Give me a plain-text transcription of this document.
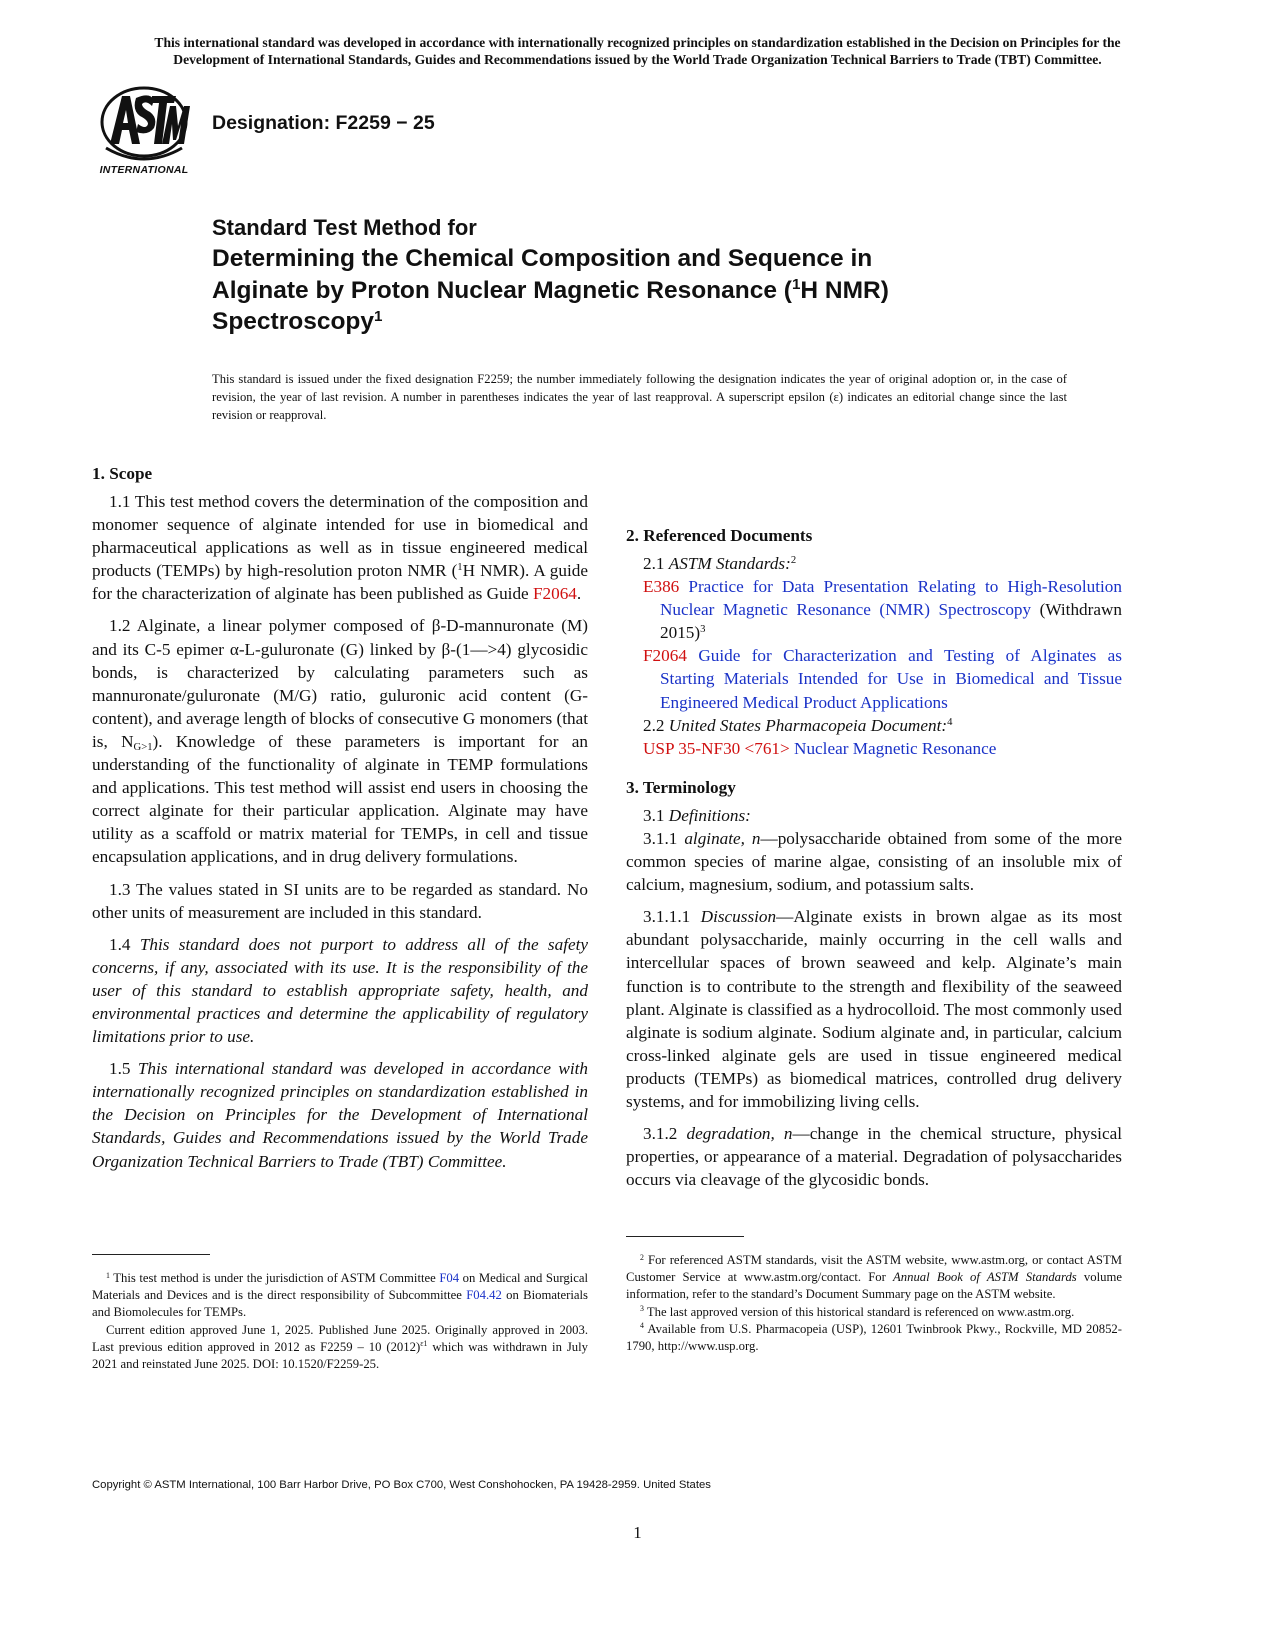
This international standard was developed in accordance with internationally recognized principles on standardization established in the Decision on Principles for the
Development of International Standards, Guides and Recommendations issued by the World Trade Organization Technical Barriers to Trade (TBT) Committee.
INTERNATIONAL
Designation: F2259 − 25
Standard Test Method for
Determining the Chemical Composition and Sequence in
Alginate by Proton Nuclear Magnetic Resonance ($^1$H NMR)
Spectroscopy$^1$
This standard is issued under the fixed designation F2259; the number immediately following the designation indicates the year of original adoption or, in the case of revision, the year of last revision. A number in parentheses indicates the year of last reapproval. A superscript epsilon (ε) indicates an editorial change since the last revision or reapproval.
1. Scope

1.1 This test method covers the determination of the composition and monomer sequence of alginate intended for use in biomedical and pharmaceutical applications as well as in tissue engineered medical products (TEMPs) by high-resolution proton NMR ($^1$H NMR). A guide for the characterization of alginate has been published as Guide F2064.

1.2 Alginate, a linear polymer composed of β-D-mannuronate (M) and its C-5 epimer α-L-guluronate (G) linked by β-(1—>4) glycosidic bonds, is characterized by calculating parameters such as mannuronate/guluronate (M/G) ratio, guluronic acid content (G-content), and average length of blocks of consecutive G monomers (that is, $N_{G>1}$). Knowledge of these parameters is important for an understanding of the functionality of alginate in TEMP formulations and applications. This test method will assist end users in choosing the correct alginate for their particular application. Alginate may have utility as a scaffold or matrix material for TEMPs, in cell and tissue encapsulation applications, and in drug delivery formulations.

1.3 The values stated in SI units are to be regarded as standard. No other units of measurement are included in this standard.

1.4 This standard does not purport to address all of the safety concerns, if any, associated with its use. It is the responsibility of the user of this standard to establish appropriate safety, health, and environmental practices and determine the applicability of regulatory limitations prior to use.

1.5 This international standard was developed in accordance with internationally recognized principles on standardization established in the Decision on Principles for the Development of International Standards, Guides and Recommendations issued by the World Trade Organization Technical Barriers to Trade (TBT) Committee.

2. Referenced Documents

2.1 ASTM Standards:$^2$

E386 Practice for Data Presentation Relating to High-Resolution Nuclear Magnetic Resonance (NMR) Spectroscopy (Withdrawn 2015)$^3$

F2064 Guide for Characterization and Testing of Alginates as Starting Materials Intended for Use in Biomedical and Tissue Engineered Medical Product Applications

2.2 United States Pharmacopeia Document:$^4$

USP 35-NF30 <761> Nuclear Magnetic Resonance

3. Terminology

3.1 Definitions:

3.1.1 alginate, n—polysaccharide obtained from some of the more common species of marine algae, consisting of an insoluble mix of calcium, magnesium, sodium, and potassium salts.

3.1.1.1 Discussion—Alginate exists in brown algae as its most abundant polysaccharide, mainly occurring in the cell walls and intercellular spaces of brown seaweed and kelp. Alginate’s main function is to contribute to the strength and flexibility of the seaweed plant. Alginate is classified as a hydrocolloid. The most commonly used alginate is sodium alginate. Sodium alginate and, in particular, calcium cross-linked alginate gels are used in tissue engineered medical products (TEMPs) as biomedical matrices, controlled drug delivery systems, and for immobilizing living cells.

3.1.2 degradation, n—change in the chemical structure, physical properties, or appearance of a material. Degradation of polysaccharides occurs via cleavage of the glycosidic bonds.

$^1$ This test method is under the jurisdiction of ASTM Committee F04 on Medical and Surgical Materials and Devices and is the direct responsibility of Subcommittee F04.42 on Biomaterials and Biomolecules for TEMPs.

Current edition approved June 1, 2025. Published June 2025. Originally approved in 2003. Last previous edition approved in 2012 as F2259 – 10 $(2012)^{\varepsilon 1}$ which was withdrawn in July 2021 and reinstated June 2025. DOI: 10.1520/F2259-25.

$^2$ For referenced ASTM standards, visit the ASTM website, www.astm.org, or contact ASTM Customer Service at www.astm.org/contact. For Annual Book of ASTM Standards volume information, refer to the standard’s Document Summary page on the ASTM website.

$^3$ The last approved version of this historical standard is referenced on www.astm.org.

$^4$ Available from U.S. Pharmacopeia (USP), 12601 Twinbrook Pkwy., Rockville, MD 20852-1790, http://www.usp.org.

Copyright © ASTM International, 100 Barr Harbor Drive, PO Box C700, West Conshohocken, PA 19428-2959. United States
1
